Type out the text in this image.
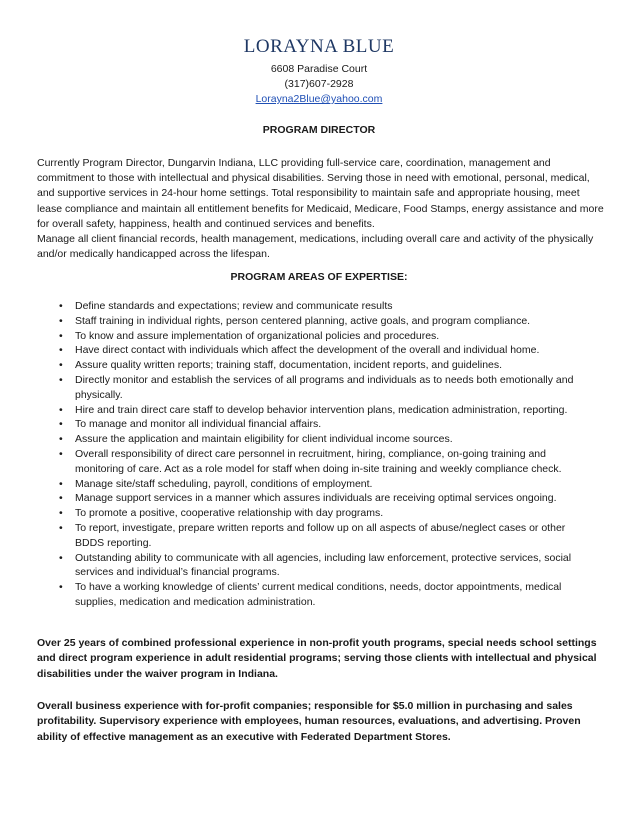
LORAYNA BLUE
6608 Paradise Court
(317)607-2928
Lorayna2Blue@yahoo.com
PROGRAM DIRECTOR

Currently Program Director, Dungarvin Indiana, LLC providing full-service care, coordination, management and commitment to those with intellectual and physical disabilities. Serving those in need with emotional, personal, medical, and supportive services in 24-hour home settings. Total responsibility to maintain safe and appropriate housing, meet lease compliance and maintain all entitlement benefits for Medicaid, Medicare, Food Stamps, energy assistance and more for overall safety, happiness, health and continued services and benefits.

Manage all client financial records, health management, medications, including overall care and activity of the physically and/or medically handicapped across the lifespan.

PROGRAM AREAS OF EXPERTISE:
• Define standards and expectations; review and communicate results
• Staff training in individual rights, person centered planning, active goals, and program compliance.
• To know and assure implementation of organizational policies and procedures.
• Have direct contact with individuals which affect the development of the overall and individual home.
• Assure quality written reports; training staff, documentation, incident reports, and guidelines.
• Directly monitor and establish the services of all programs and individuals as to needs both emotionally and physically.
• Hire and train direct care staff to develop behavior intervention plans, medication administration, reporting.
• To manage and monitor all individual financial affairs.
• Assure the application and maintain eligibility for client individual income sources.
• Overall responsibility of direct care personnel in recruitment, hiring, compliance, on-going training and monitoring of care. Act as a role model for staff when doing in-site training and weekly compliance check.
• Manage site/staff scheduling, payroll, conditions of employment.
• Manage support services in a manner which assures individuals are receiving optimal services ongoing.
• To promote a positive, cooperative relationship with day programs.
• To report, investigate, prepare written reports and follow up on all aspects of abuse/neglect cases or other BDDS reporting.
• Outstanding ability to communicate with all agencies, including law enforcement, protective services, social services and individual’s financial programs.
• To have a working knowledge of clients’ current medical conditions, needs, doctor appointments, medical supplies, medication and medication administration.
Over 25 years of combined professional experience in non-profit youth programs, special needs school settings and direct program experience in adult residential programs; serving those clients with intellectual and physical disabilities under the waiver program in Indiana.
Overall business experience with for-profit companies; responsible for $5.0 million in purchasing and sales profitability. Supervisory experience with employees, human resources, evaluations, and advertising. Proven ability of effective management as an executive with Federated Department Stores.
